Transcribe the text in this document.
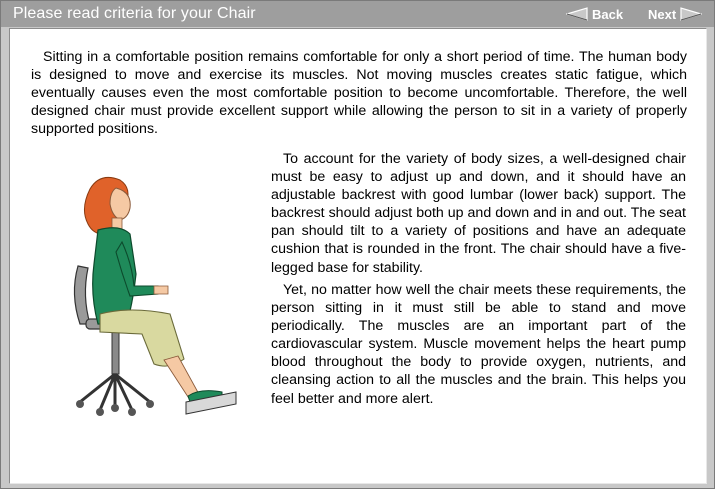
Please read criteria for your Chair	Back Next

Sitting in a comfortable position remains comfortable for only a short period of time. The human body is designed to move and exercise its muscles. Not moving muscles creates static fatigue, which eventually causes even the most comfortable position to become uncomfortable. Therefore, the well designed chair must provide excellent support while allowing the person to sit in a variety of properly supported positions.

To account for the variety of body sizes, a well-designed chair must be easy to adjust up and down, and it should have an adjustable backrest with good lumbar (lower back) support. The backrest should adjust both up and down and in and out. The seat pan should tilt to a variety of positions and have an adequate cushion that is rounded in the front. The chair should have a five-legged base for stability.

Yet, no matter how well the chair meets these requirements, the person sitting in it must still be able to stand and move periodically. The muscles are an important part of the cardiovascular system. Muscle movement helps the heart pump blood throughout the body to provide oxygen, nutrients, and cleansing action to all the muscles and the brain. This helps you feel better and more alert.
